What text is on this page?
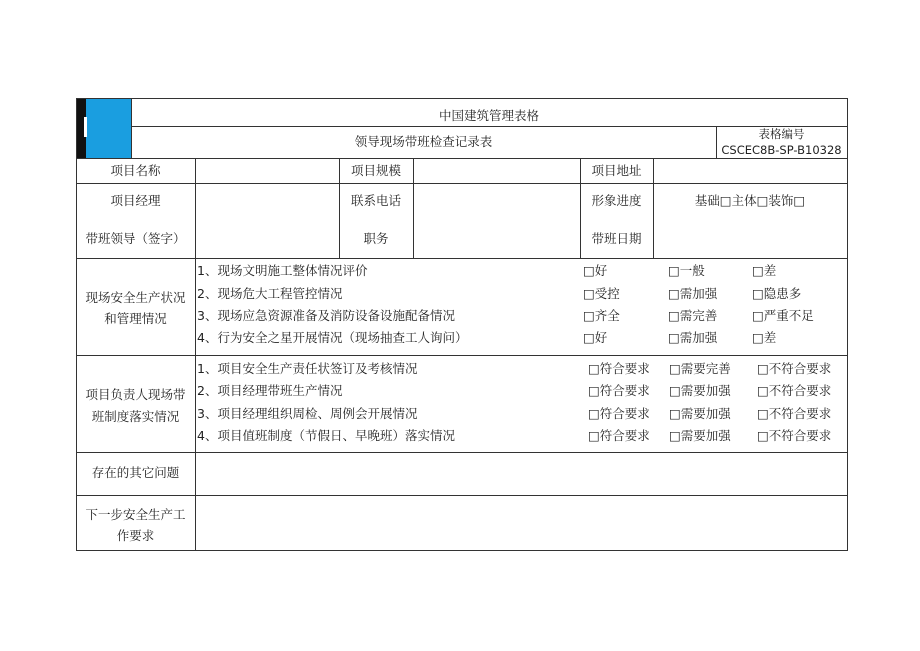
中国建筑管理表格
领导现场带班检查记录表	表格编号
CSCEC8B-SP-B10328
项目名称	项目规模	项目地址
项目经理	联系电话	形象进度	基础□主体□装饰□
带班领导（签字）	职务	带班日期
现场安全生产状况
和管理情况
1、现场文明施工整体情况评价	□好	□一般	□差
2、现场危大工程管控情况	□受控	□需加强	□隐患多
3、现场应急资源准备及消防设备设施配备情况	□齐全	□需完善	□严重不足
4、行为安全之星开展情况（现场抽查工人询问）	□好	□需加强	□差
项目负责人现场带
班制度落实情况
1、项目安全生产责任状签订及考核情况	□符合要求 □需要完善 □不符合要求
2、项目经理带班生产情况	□符合要求 □需要加强 □不符合要求
3、项目经理组织周检、周例会开展情况	□符合要求 □需要加强 □不符合要求
4、项目值班制度（节假日、早晚班）落实情况	□符合要求 □需要加强 □不符合要求
存在的其它问题
下一步安全生产工
作要求
